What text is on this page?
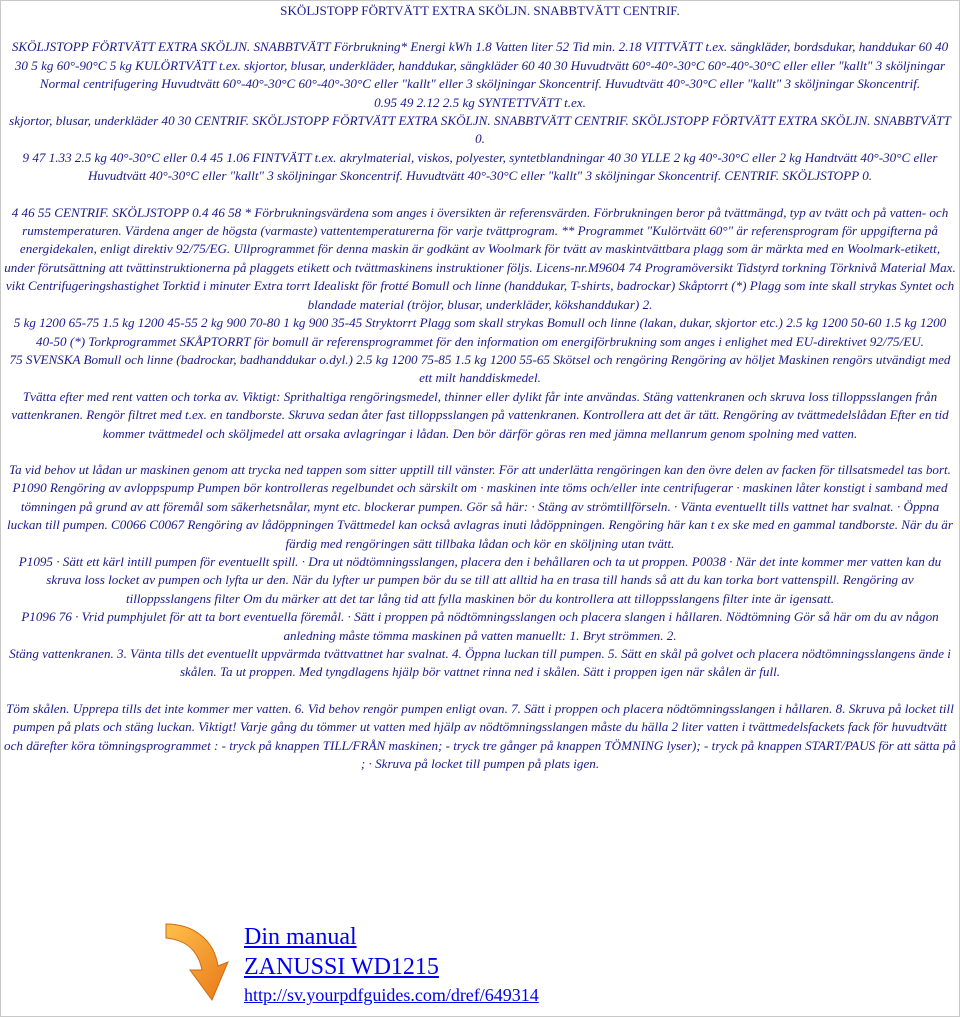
SKÖLJSTOPP FÖRTVÄTT EXTRA SKÖLJN. SNABBTVÄTT CENTRIF.

SKÖLJSTOPP FÖRTVÄTT EXTRA SKÖLJN. SNABBTVÄTT Förbrukning* Energi kWh 1.8 Vatten liter 52 Tid min. 2.18 VITTVÄTT t.ex. sängkläder, bordsdukar, handdukar 60 40 30 5 kg 60°-90°C 5 kg KULÖRTVÄTT t.ex. skjortor, blusar, underkläder, handdukar, sängkläder 60 40 30 Huvudtvätt 60°-40°-30°C 60°-40°-30°C eller eller "kallt" 3 sköljningar Normal centrifugering Huvudtvätt 60°-40°-30°C 60°-40°-30°C eller "kallt" eller 3 sköljningar Skoncentrif. Huvudtvätt 40°-30°C eller "kallt" 3 sköljningar Skoncentrif.

0.95 49 2.12 2.5 kg SYNTETTVÄTT t.ex.

skjortor, blusar, underkläder 40 30 CENTRIF. SKÖLJSTOPP FÖRTVÄTT EXTRA SKÖLJN. SNABBTVÄTT CENTRIF. SKÖLJSTOPP FÖRTVÄTT EXTRA SKÖLJN. SNABBTVÄTT 0.

9 47 1.33 2.5 kg 40°-30°C eller 0.4 45 1.06 FINTVÄTT t.ex. akrylmaterial, viskos, polyester, syntetblandningar 40 30 YLLE 2 kg 40°-30°C eller 2 kg Handtvätt 40°-30°C eller Huvudtvätt 40°-30°C eller "kallt" 3 sköljningar Skoncentrif. Huvudtvätt 40°-30°C eller "kallt" 3 sköljningar Skoncentrif. CENTRIF. SKÖLJSTOPP 0.

4 46 55 CENTRIF. SKÖLJSTOPP 0.4 46 58 * Förbrukningsvärdena som anges i översikten är referensvärden. Förbrukningen beror på tvättmängd, typ av tvätt och på vatten- och rumstemperaturen. Värdena anger de högsta (varmaste) vattentemperaturerna för varje tvättprogram. ** Programmet "Kulörtvätt 60°" är referensprogram för uppgifterna på energidekalen, enligt direktiv 92/75/EG. Ullprogrammet för denna maskin är godkänt av Woolmark för tvätt av maskintvättbara plagg som är märkta med en Woolmark-etikett, under förutsättning att tvättinstruktionerna på plaggets etikett och tvättmaskinens instruktioner följs. Licens-nr.M9604 74 Programöversikt Tidstyrd torkning Törknivå Material Max. vikt Centrifugeringshastighet Torktid i minuter Extra torrt Idealiskt för frotté Bomull och linne (handdukar, T-shirts, badrockar) Skåptorrt (*) Plagg som inte skall strykas Syntet och blandade material (tröjor, blusar, underkläder, kökshanddukar) 2.

5 kg 1200 65-75 1.5 kg 1200 45-55 2 kg 900 70-80 1 kg 900 35-45 Stryktorrt Plagg som skall strykas Bomull och linne (lakan, dukar, skjortor etc.) 2.5 kg 1200 50-60 1.5 kg 1200 40-50 (*) Torkprogrammet SKÅPTORRT för bomull är referensprogrammet för den information om energiförbrukning som anges i enlighet med EU-direktivet 92/75/EU.

75 SVENSKA Bomull och linne (badrockar, badhanddukar o.dyl.) 2.5 kg 1200 75-85 1.5 kg 1200 55-65 Skötsel och rengöring Rengöring av höljet Maskinen rengörs utvändigt med ett milt handdiskmedel.

Tvätta efter med rent vatten och torka av. Viktigt: Sprithaltiga rengöringsmedel, thinner eller dylikt får inte användas. Stäng vattenkranen och skruva loss tilloppsslangen från vattenkranen. Rengör filtret med t.ex. en tandborste. Skruva sedan åter fast tilloppsslangen på vattenkranen. Kontrollera att det är tätt. Rengöring av tvättmedelslådan Efter en tid kommer tvättmedel och sköljmedel att orsaka avlagringar i lådan. Den bör därför göras ren med jämna mellanrum genom spolning med vatten.

Ta vid behov ut lådan ur maskinen genom att trycka ned tappen som sitter upptill till vänster. För att underlätta rengöringen kan den övre delen av facken för tillsatsmedel tas bort. P1090 Rengöring av avloppspump Pumpen bör kontrolleras regelbundet och särskilt om · maskinen inte töms och/eller inte centrifugerar · maskinen låter konstigt i samband med tömningen på grund av att föremål som säkerhetsnålar, mynt etc. blockerar pumpen. Gör så här: · Stäng av strömtillförseln. · Vänta eventuellt tills vattnet har svalnat. · Öppna luckan till pumpen. C0066 C0067 Rengöring av lådöppningen Tvättmedel kan också avlagras inuti lådöppningen. Rengöring här kan t ex ske med en gammal tandborste. När du är färdig med rengöringen sätt tillbaka lådan och kör en sköljning utan tvätt.

P1095 · Sätt ett kärl intill pumpen för eventuellt spill. · Dra ut nödtömningsslangen, placera den i behållaren och ta ut proppen. P0038 · När det inte kommer mer vatten kan du skruva loss locket av pumpen och lyfta ur den. När du lyfter ur pumpen bör du se till att alltid ha en trasa till hands så att du kan torka bort vattenspill. Rengöring av tilloppsslangens filter Om du märker att det tar lång tid att fylla maskinen bör du kontrollera att tilloppsslangens filter inte är igensatt.

P1096 76 · Vrid pumphjulet för att ta bort eventuella föremål. · Sätt i proppen på nödtömningsslangen och placera slangen i hållaren. Nödtömning Gör så här om du av någon anledning måste tömma maskinen på vatten manuellt: 1. Bryt strömmen. 2.

Stäng vattenkranen. 3. Vänta tills det eventuellt uppvärmda tvättvattnet har svalnat. 4. Öppna luckan till pumpen. 5. Sätt en skål på golvet och placera nödtömningsslangens ände i skålen. Ta ut proppen. Med tyngdlagens hjälp bör vattnet rinna ned i skålen. Sätt i proppen igen när skålen är full.

Töm skålen. Upprepa tills det inte kommer mer vatten. 6. Vid behov rengör pumpen enligt ovan. 7. Sätt i proppen och placera nödtömningsslangen i hållaren. 8. Skruva på locket till pumpen på plats och stäng luckan. Viktigt! Varje gång du tömmer ut vatten med hjälp av nödtömningsslangen måste du hälla 2 liter vatten i tvättmedelsfackets fack för huvudtvätt och därefter köra tömningsprogrammet : - tryck på knappen TILL/FRÅN maskinen; - tryck tre gånger på knappen TÖMNING lyser); - tryck på knappen START/PAUS för att sätta på ; · Skruva på locket till pumpen på plats igen.

Din manual
ZANUSSI WD1215
http://sv.yourpdfguides.com/dref/649314
